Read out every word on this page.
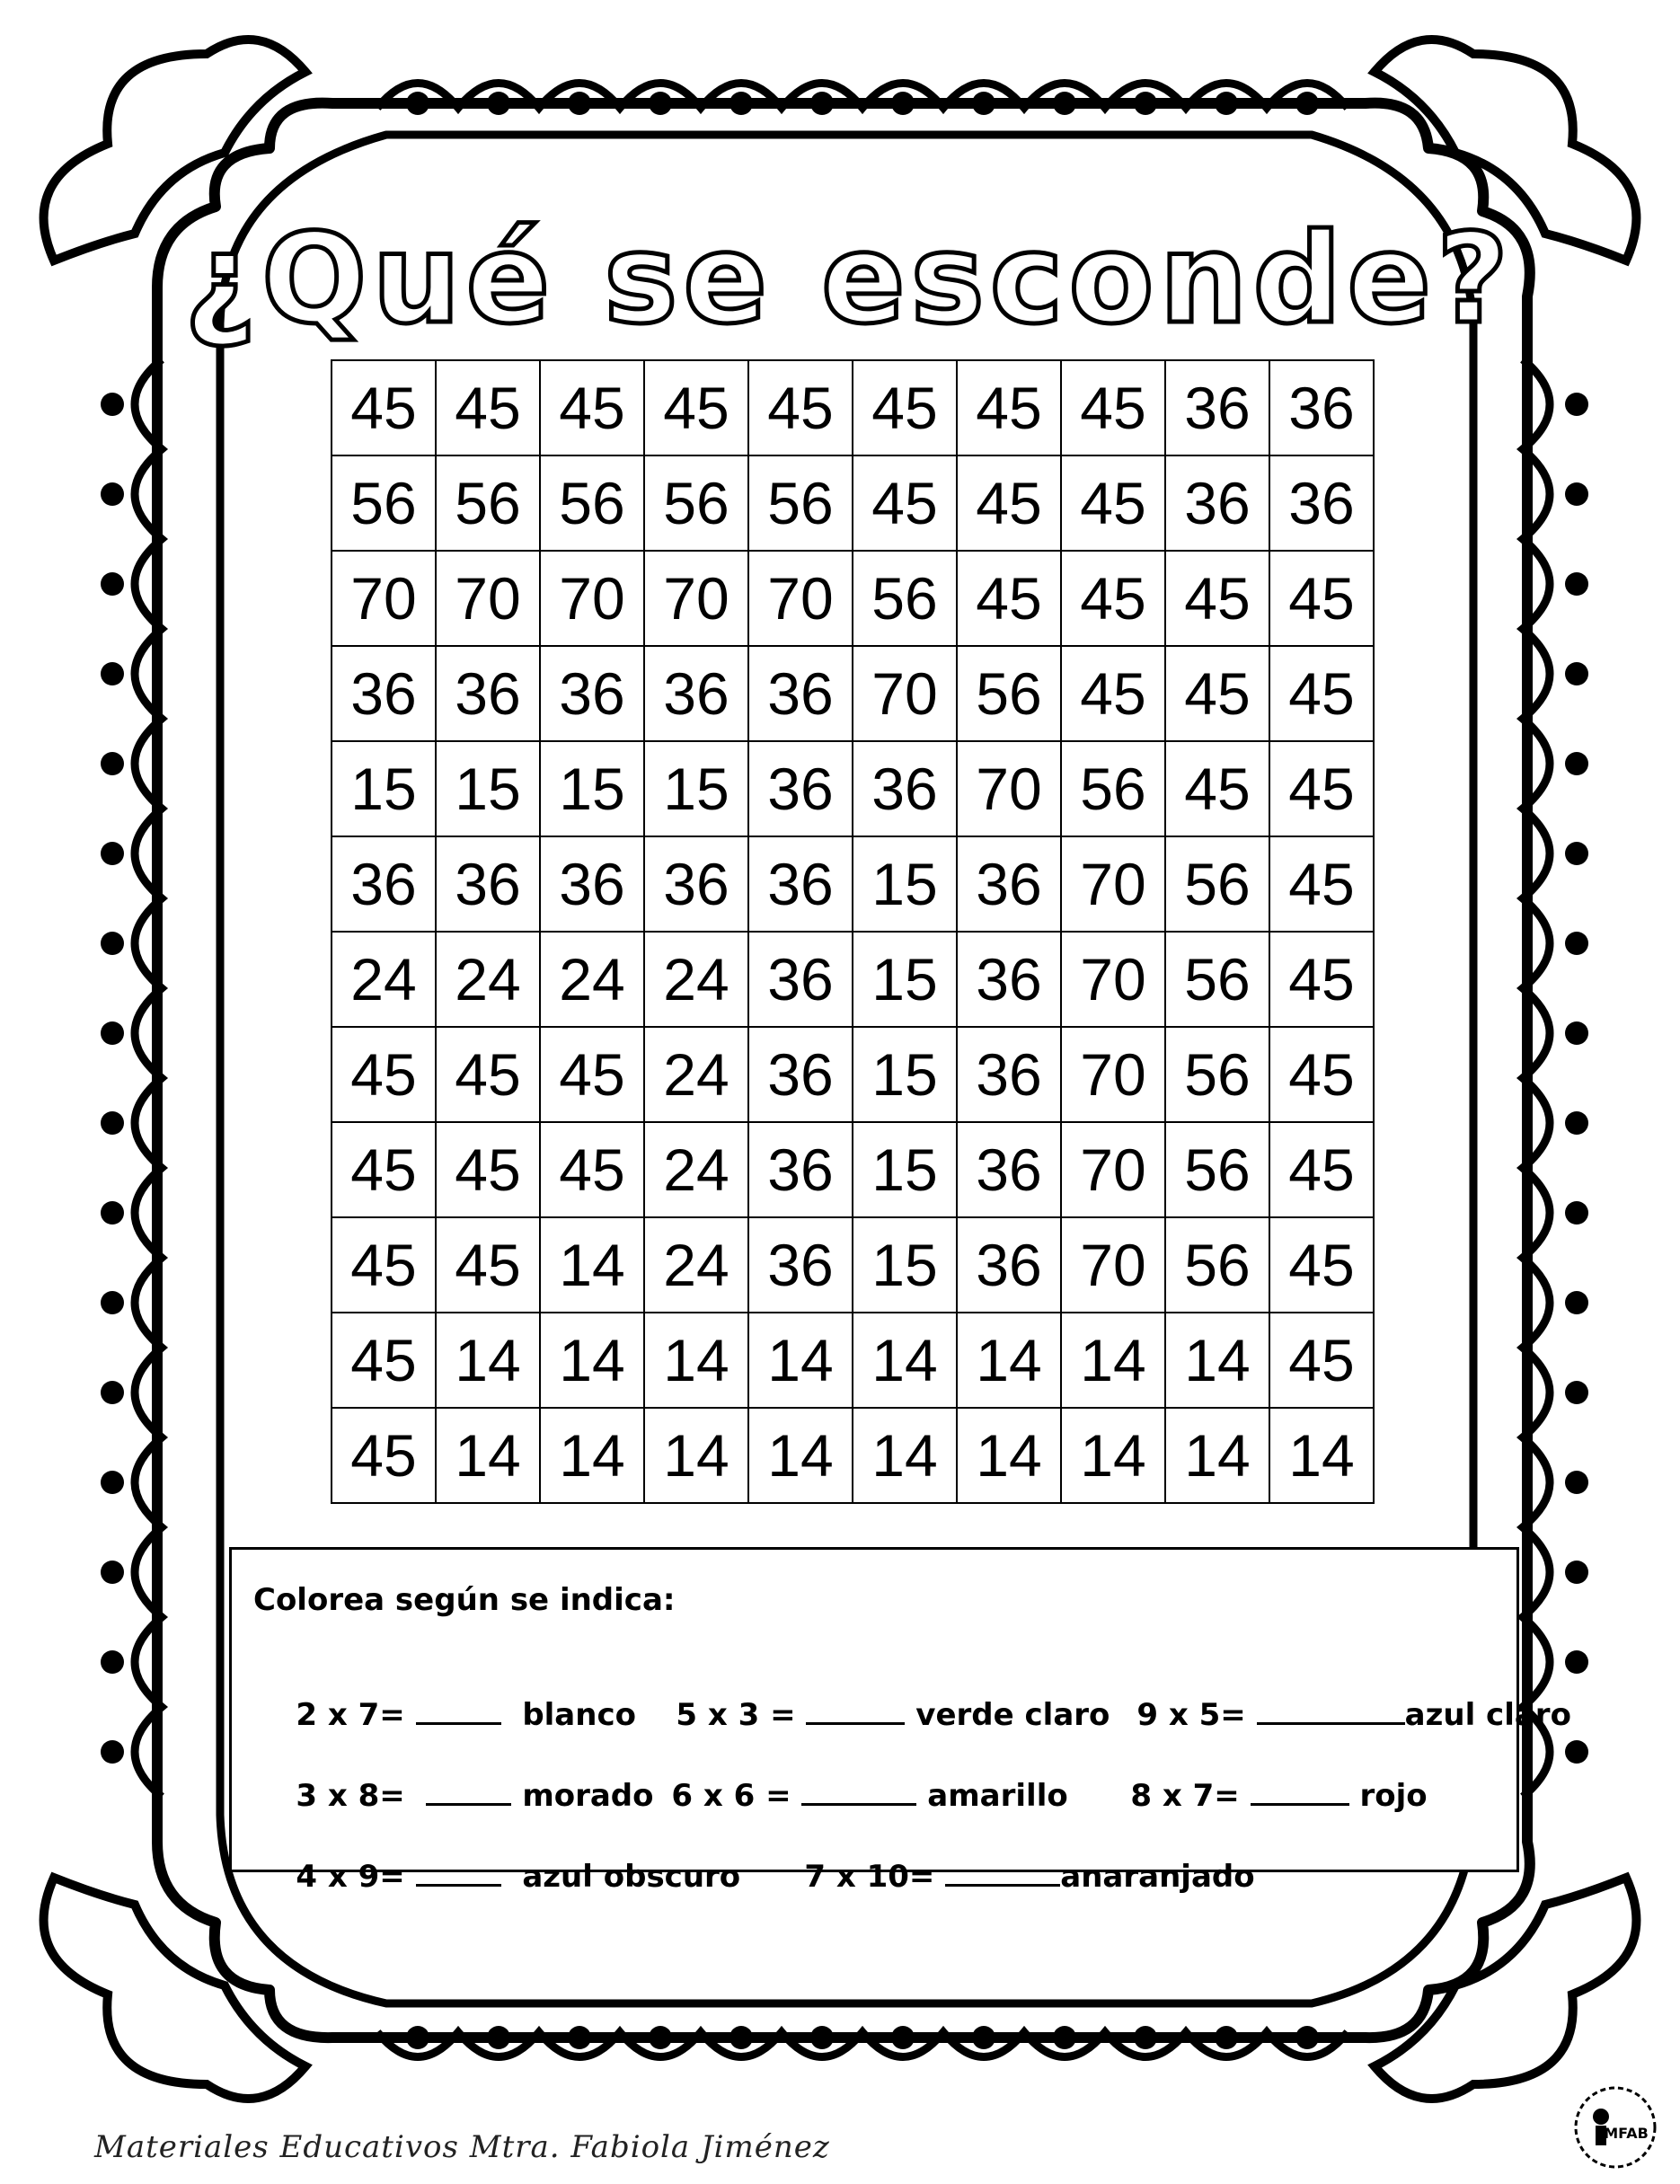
¿Qué se esconde?
45	45	45	45	45	45	45	45	36	36
56	56	56	56	56	45	45	45	36	36
70	70	70	70	70	56	45	45	45	45
36	36	36	36	36	70	56	45	45	45
15	15	15	15	36	36	70	56	45	45
36	36	36	36	36	15	36	70	56	45
24	24	24	24	36	15	36	70	56	45
45	45	45	24	36	15	36	70	56	45
45	45	45	24	36	15	36	70	56	45
45	45	14	24	36	15	36	70	56	45
45	14	14	14	14	14	14	14	14	45
45	14	14	14	14	14	14	14	14	14
Colorea según se indica:

2 x 7=	blanco
	5 x 3 =	verde claro
9 x 5=	azul claro

3 x 8=	morado
6 x 6 =	amarillo
	8 x 7=	rojo

4 x 9=	azul obscuro
	7 x 10=	anaranjado

Materiales Educativos Mtra. Fabiola Jiménez	MFAB
